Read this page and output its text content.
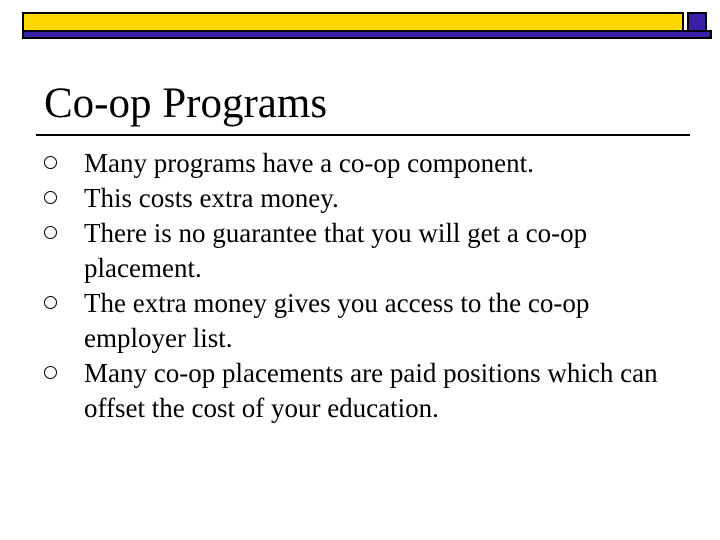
Co-op Programs
Many programs have a co-op component.
This costs extra money.
There is no guarantee that you will get a co-op placement.
The extra money gives you access to the co-op employer list.
Many co-op placements are paid positions which can offset the cost of your education.
